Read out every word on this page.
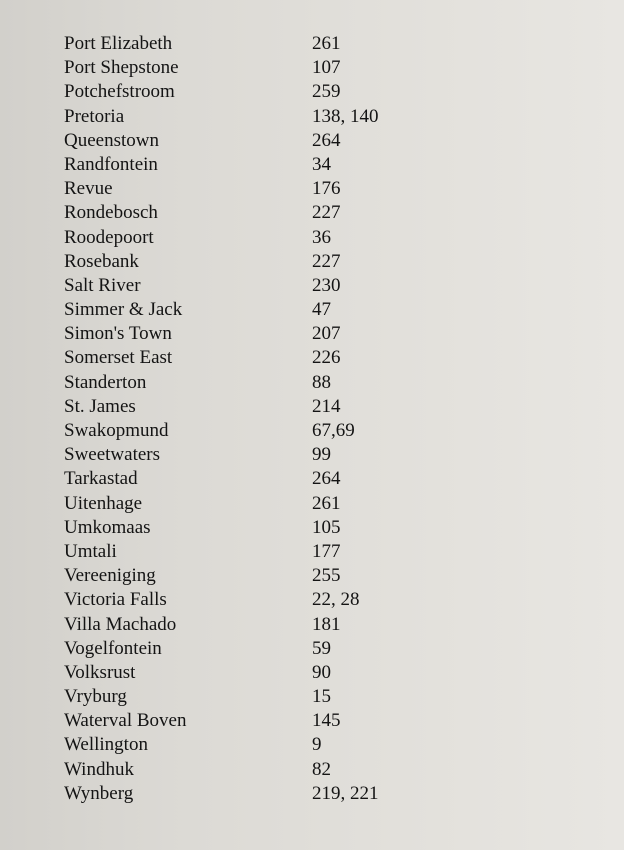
Port Elizabeth	261
Port Shepstone	107
Potchefstroom	259
Pretoria	138, 140
Queenstown	264
Randfontein	34
Revue	176
Rondebosch	227
Roodepoort	36
Rosebank	227
Salt River	230
Simmer & Jack	47
Simon's Town	207
Somerset East	226
Standerton	88
St. James	214
Swakopmund	67,69
Sweetwaters	99
Tarkastad	264
Uitenhage	261
Umkomaas	105
Umtali	177
Vereeniging	255
Victoria Falls	22, 28
Villa Machado	181
Vogelfontein	59
Volksrust	90
Vryburg	15
Waterval Boven	145
Wellington	9
Windhuk	82
Wynberg	219, 221
